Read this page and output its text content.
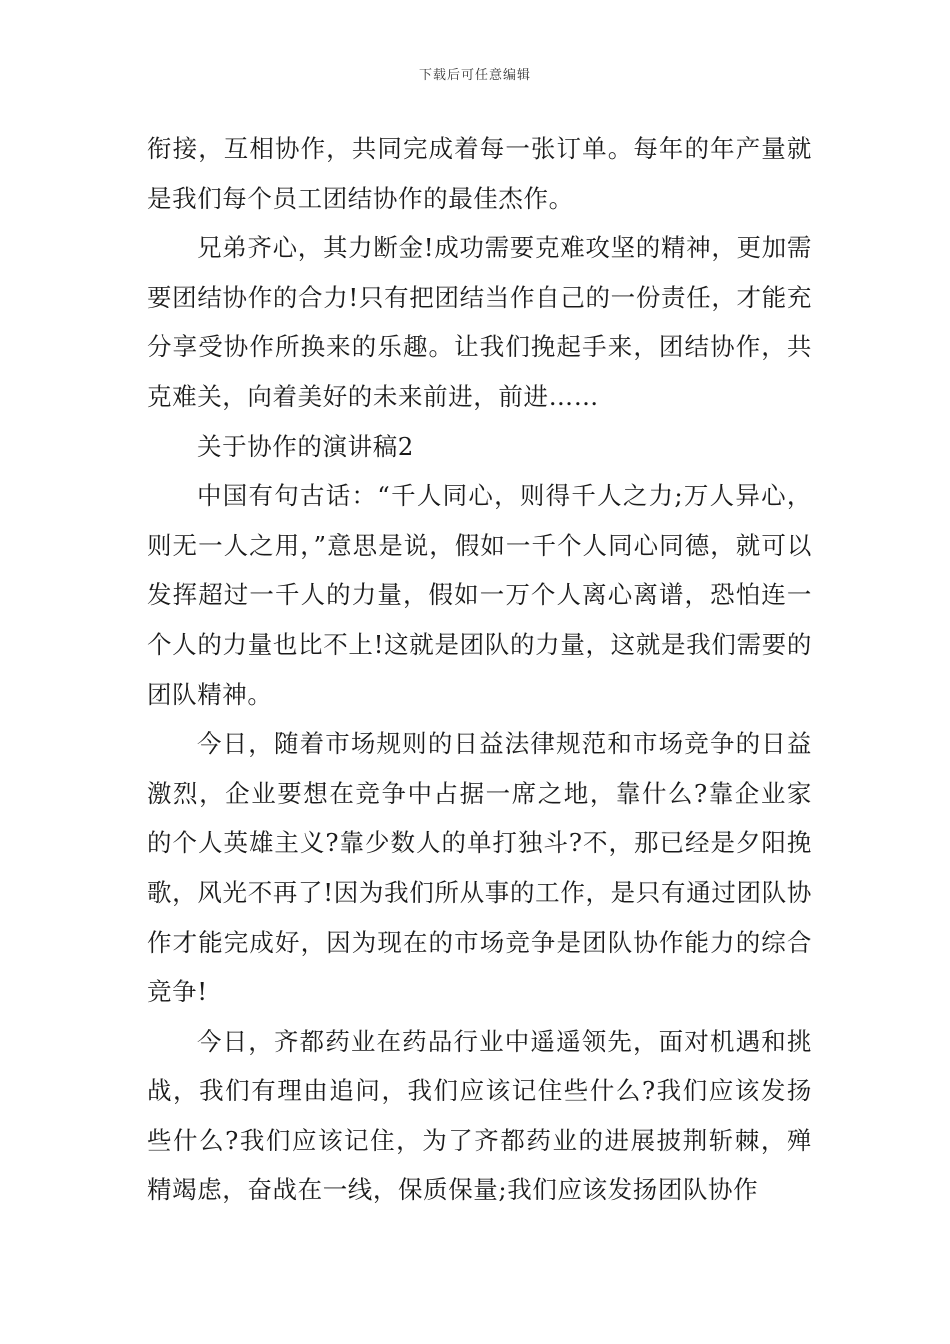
下载后可任意编辑

衔接，互相协作，共同完成着每一张订单。每年的年产量就是我们每个员工团结协作的最佳杰作。

兄弟齐心，其力断金!成功需要克难攻坚的精神，更加需要团结协作的合力!只有把团结当作自己的一份责任，才能充分享受协作所换来的乐趣。让我们挽起手来，团结协作，共克难关，向着美好的未来前进，前进……

关于协作的演讲稿2

中国有句古话：“千人同心，则得千人之力;万人异心，则无一人之用，”意思是说，假如一千个人同心同德，就可以发挥超过一千人的力量，假如一万个人离心离谱，恐怕连一个人的力量也比不上!这就是团队的力量，这就是我们需要的团队精神。

今日，随着市场规则的日益法律规范和市场竞争的日益激烈，企业要想在竞争中占据一席之地，靠什么?靠企业家的个人英雄主义?靠少数人的单打独斗?不，那已经是夕阳挽歌，风光不再了!因为我们所从事的工作，是只有通过团队协作才能完成好，因为现在的市场竞争是团队协作能力的综合竞争!

今日，齐都药业在药品行业中遥遥领先，面对机遇和挑战，我们有理由追问，我们应该记住些什么?我们应该发扬些什么?我们应该记住，为了齐都药业的进展披荆斩棘，殚精竭虑，奋战在一线，保质保量;我们应该发扬团队协作
